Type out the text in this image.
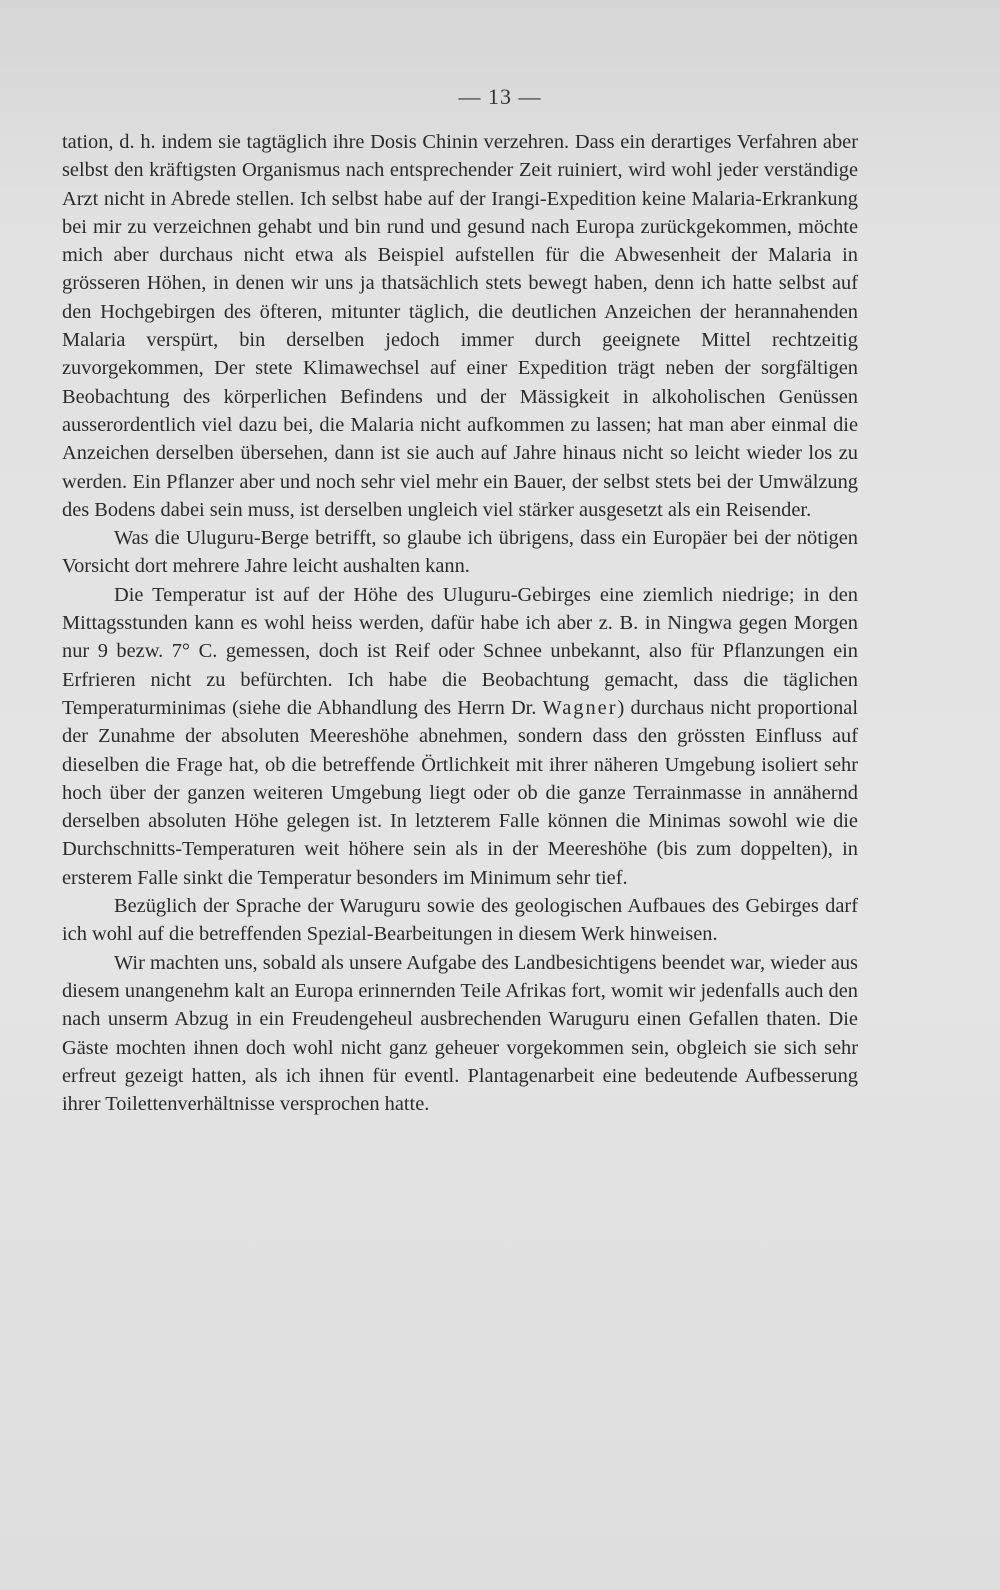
— 13 —

tation, d. h. indem sie tagtäglich ihre Dosis Chinin verzehren. Dass ein derartiges Verfahren aber selbst den kräftigsten Organismus nach entsprechender Zeit ruiniert, wird wohl jeder verständige Arzt nicht in Abrede stellen. Ich selbst habe auf der Irangi-Expedition keine Malaria-Erkrankung bei mir zu verzeichnen gehabt und bin rund und gesund nach Europa zurückgekommen, möchte mich aber durchaus nicht etwa als Beispiel aufstellen für die Abwesenheit der Malaria in grösseren Höhen, in denen wir uns ja thatsächlich stets bewegt haben, denn ich hatte selbst auf den Hochgebirgen des öfteren, mitunter täglich, die deutlichen Anzeichen der herannahenden Malaria verspürt, bin derselben jedoch immer durch geeignete Mittel rechtzeitig zuvorgekommen, Der stete Klimawechsel auf einer Expedition trägt neben der sorgfältigen Beobachtung des körperlichen Befindens und der Mässigkeit in alkoholischen Genüssen ausserordentlich viel dazu bei, die Malaria nicht aufkommen zu lassen; hat man aber einmal die Anzeichen derselben übersehen, dann ist sie auch auf Jahre hinaus nicht so leicht wieder los zu werden. Ein Pflanzer aber und noch sehr viel mehr ein Bauer, der selbst stets bei der Umwälzung des Bodens dabei sein muss, ist derselben ungleich viel stärker ausgesetzt als ein Reisender.

Was die Uluguru-Berge betrifft, so glaube ich übrigens, dass ein Europäer bei der nötigen Vorsicht dort mehrere Jahre leicht aushalten kann.

Die Temperatur ist auf der Höhe des Uluguru-Gebirges eine ziemlich niedrige; in den Mittagsstunden kann es wohl heiss werden, dafür habe ich aber z. B. in Ningwa gegen Morgen nur 9 bezw. 7° C. gemessen, doch ist Reif oder Schnee unbekannt, also für Pflanzungen ein Erfrieren nicht zu befürchten. Ich habe die Beobachtung gemacht, dass die täglichen Temperaturminimas (siehe die Abhandlung des Herrn Dr. Wagner) durchaus nicht proportional der Zunahme der absoluten Meereshöhe abnehmen, sondern dass den grössten Einfluss auf dieselben die Frage hat, ob die betreffende Örtlichkeit mit ihrer näheren Umgebung isoliert sehr hoch über der ganzen weiteren Umgebung liegt oder ob die ganze Terrainmasse in annähernd derselben absoluten Höhe gelegen ist. In letzterem Falle können die Minimas sowohl wie die Durchschnitts-Temperaturen weit höhere sein als in der Meereshöhe (bis zum doppelten), in ersterem Falle sinkt die Temperatur besonders im Minimum sehr tief.

Bezüglich der Sprache der Waruguru sowie des geologischen Aufbaues des Gebirges darf ich wohl auf die betreffenden Spezial-Bearbeitungen in diesem Werk hinweisen.

Wir machten uns, sobald als unsere Aufgabe des Landbesichtigens beendet war, wieder aus diesem unangenehm kalt an Europa erinnernden Teile Afrikas fort, womit wir jedenfalls auch den nach unserm Abzug in ein Freudengeheul ausbrechenden Waruguru einen Gefallen thaten. Die Gäste mochten ihnen doch wohl nicht ganz geheuer vorgekommen sein, obgleich sie sich sehr erfreut gezeigt hatten, als ich ihnen für eventl. Plantagenarbeit eine bedeutende Aufbesserung ihrer Toilettenverhältnisse versprochen hatte.
